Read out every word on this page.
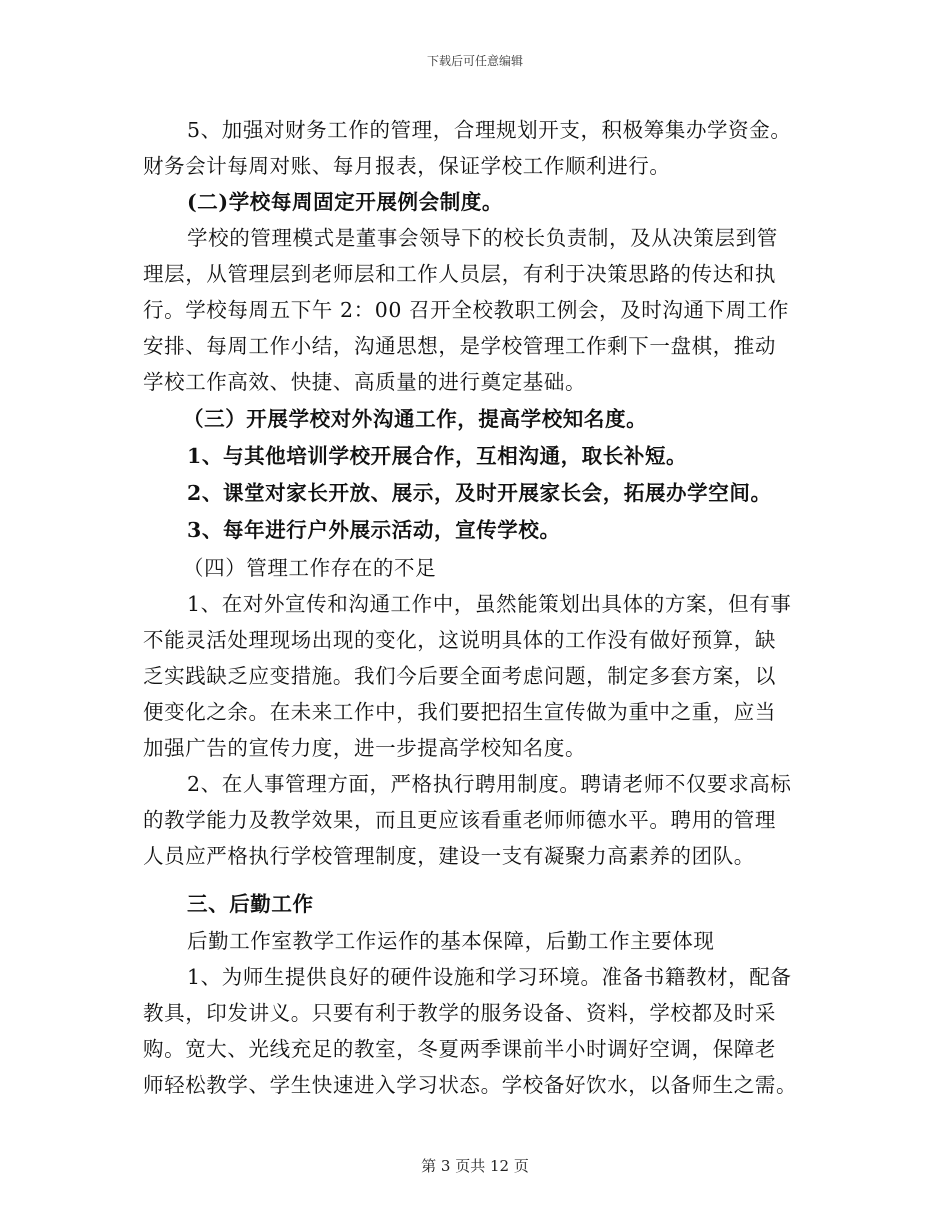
下载后可任意编辑
5、加强对财务工作的管理，合理规划开支，积极筹集办学资金。
财务会计每周对账、每月报表，保证学校工作顺利进行。
(二)学校每周固定开展例会制度。
学校的管理模式是董事会领导下的校长负责制，及从决策层到管
理层，从管理层到老师层和工作人员层，有利于决策思路的传达和执
行。学校每周五下午 2：00 召开全校教职工例会，及时沟通下周工作
安排、每周工作小结，沟通思想，是学校管理工作剩下一盘棋，推动
学校工作高效、快捷、高质量的进行奠定基础。
（三）开展学校对外沟通工作，提高学校知名度。
1、与其他培训学校开展合作，互相沟通，取长补短。
2、课堂对家长开放、展示，及时开展家长会，拓展办学空间。
3、每年进行户外展示活动，宣传学校。
（四）管理工作存在的不足
1、在对外宣传和沟通工作中，虽然能策划出具体的方案，但有事
不能灵活处理现场出现的变化，这说明具体的工作没有做好预算，缺
乏实践缺乏应变措施。我们今后要全面考虑问题，制定多套方案，以
便变化之余。在未来工作中，我们要把招生宣传做为重中之重，应当
加强广告的宣传力度，进一步提高学校知名度。
2、在人事管理方面，严格执行聘用制度。聘请老师不仅要求高标
的教学能力及教学效果，而且更应该看重老师师德水平。聘用的管理
人员应严格执行学校管理制度，建设一支有凝聚力高素养的团队。
三、后勤工作
后勤工作室教学工作运作的基本保障，后勤工作主要体现
1、为师生提供良好的硬件设施和学习环境。准备书籍教材，配备
教具，印发讲义。只要有利于教学的服务设备、资料，学校都及时采
购。宽大、光线充足的教室，冬夏两季课前半小时调好空调，保障老
师轻松教学、学生快速进入学习状态。学校备好饮水，以备师生之需。
第 3 页共 12 页
